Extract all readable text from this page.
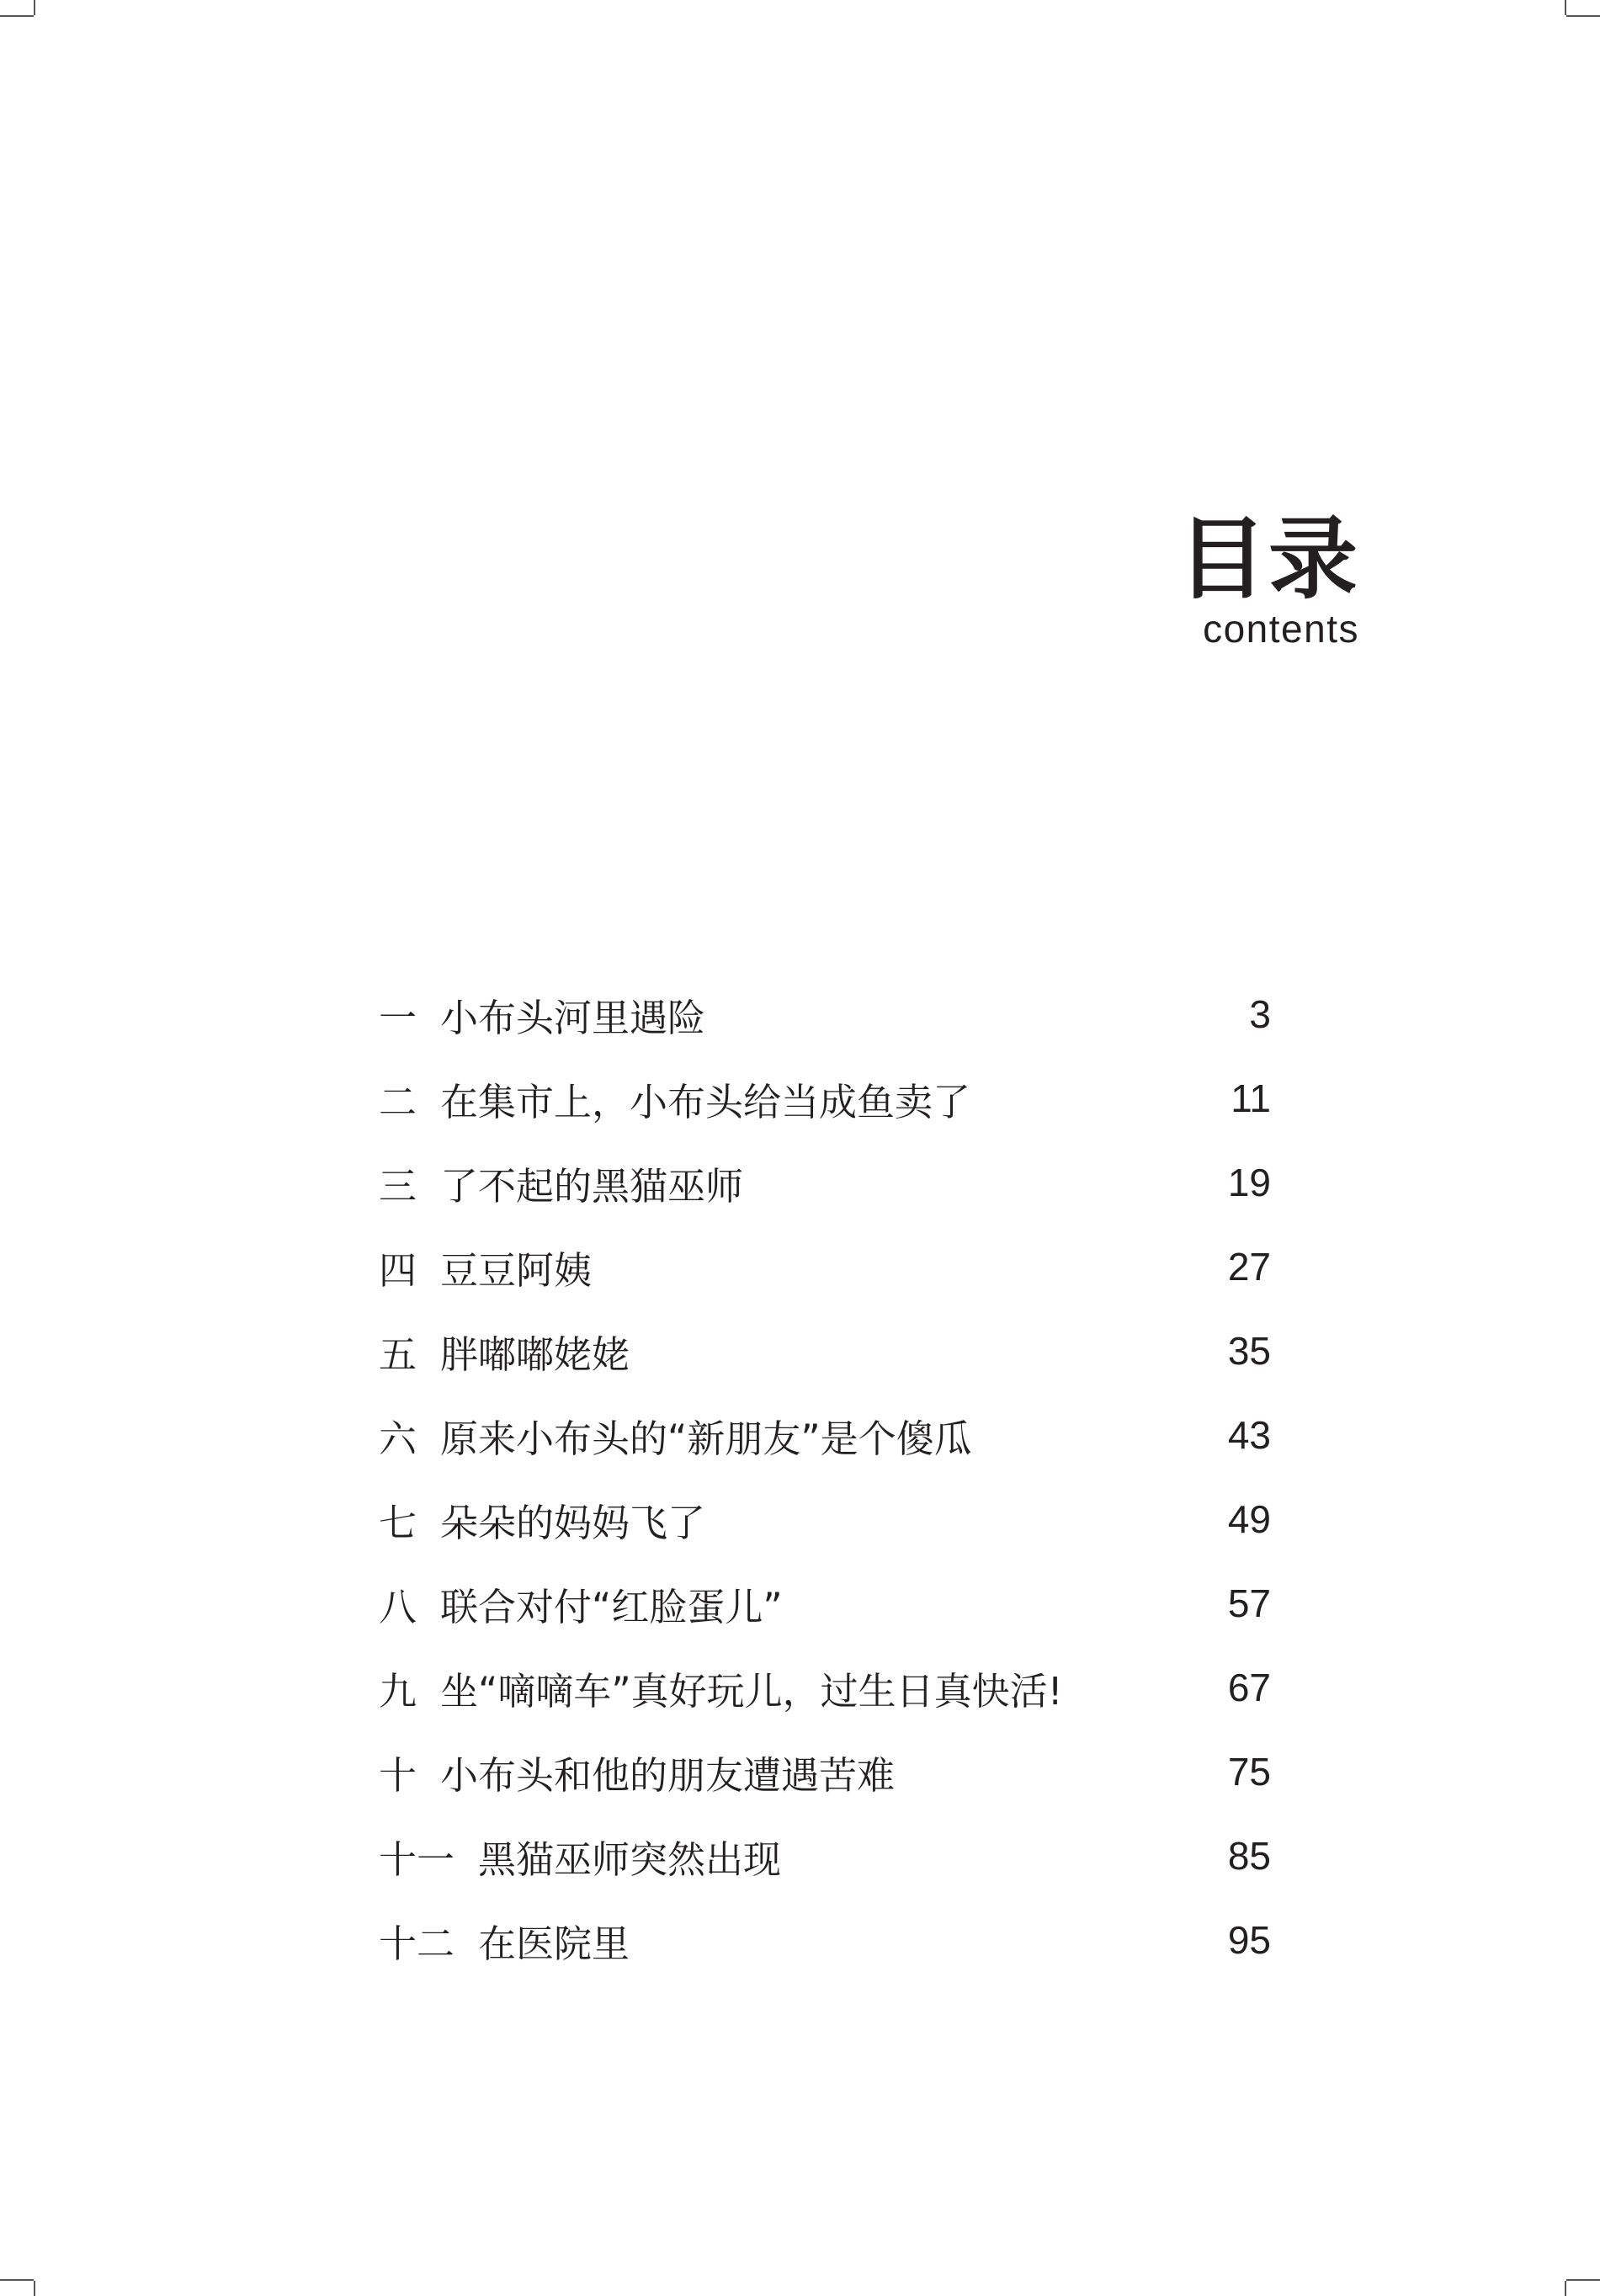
目录
contents
一 小布头河里遇险	3
二 在集市上，小布头给当成鱼卖了	11
三 了不起的黑猫巫师	19
四 豆豆阿姨	27
五 胖嘟嘟姥姥	35
六 原来小布头的“新朋友”是个傻瓜	43
七 朵朵的妈妈飞了	49
八 联合对付“红脸蛋儿”	57
九 坐“嘀嘀车”真好玩儿，过生日真快活!	67
十 小布头和他的朋友遭遇苦难	75
十一 黑猫巫师突然出现	85
十二 在医院里	95
